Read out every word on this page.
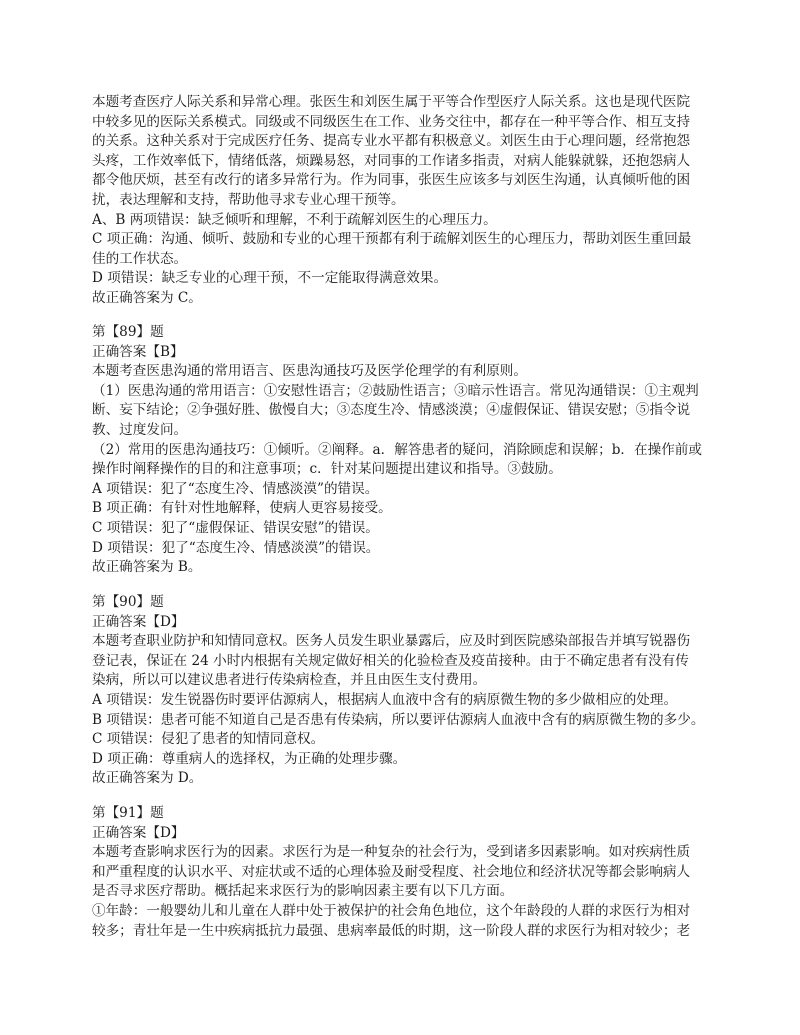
本题考查医疗人际关系和异常心理。张医生和刘医生属于平等合作型医疗人际关系。这也是现代医院
中较多见的医际关系模式。同级或不同级医生在工作、业务交往中，都存在一种平等合作、相互支持
的关系。这种关系对于完成医疗任务、提高专业水平都有积极意义。刘医生由于心理问题，经常抱怨
头疼，工作效率低下，情绪低落，烦躁易怒，对同事的工作诸多指责，对病人能躲就躲，还抱怨病人
都令他厌烦，甚至有改行的诸多异常行为。作为同事，张医生应该多与刘医生沟通，认真倾听他的困
扰，表达理解和支持，帮助他寻求专业心理干预等。
A、B 两项错误：缺乏倾听和理解，不利于疏解刘医生的心理压力。
C 项正确：沟通、倾听、鼓励和专业的心理干预都有利于疏解刘医生的心理压力，帮助刘医生重回最
佳的工作状态。
D 项错误：缺乏专业的心理干预，不一定能取得满意效果。
故正确答案为 C。
第【89】题
正确答案【B】
本题考查医患沟通的常用语言、医患沟通技巧及医学伦理学的有利原则。
（1）医患沟通的常用语言：①安慰性语言；②鼓励性语言；③暗示性语言。常见沟通错误：①主观判
断、妄下结论；②争强好胜、傲慢自大；③态度生冷、情感淡漠；④虚假保证、错误安慰；⑤指令说
教、过度发问。
（2）常用的医患沟通技巧：①倾听。②阐释。a．解答患者的疑问，消除顾虑和误解；b．在操作前或
操作时阐释操作的目的和注意事项；c．针对某问题提出建议和指导。③鼓励。
A 项错误：犯了“态度生冷、情感淡漠”的错误。
B 项正确：有针对性地解释，使病人更容易接受。
C 项错误：犯了“虚假保证、错误安慰”的错误。
D 项错误：犯了“态度生冷、情感淡漠”的错误。
故正确答案为 B。
第【90】题
正确答案【D】
本题考查职业防护和知情同意权。医务人员发生职业暴露后，应及时到医院感染部报告并填写锐器伤
登记表，保证在 24 小时内根据有关规定做好相关的化验检查及疫苗接种。由于不确定患者有没有传
染病，所以可以建议患者进行传染病检查，并且由医生支付费用。
A 项错误：发生锐器伤时要评估源病人，根据病人血液中含有的病原微生物的多少做相应的处理。
B 项错误：患者可能不知道自己是否患有传染病，所以要评估源病人血液中含有的病原微生物的多少。
C 项错误：侵犯了患者的知情同意权。
D 项正确：尊重病人的选择权，为正确的处理步骤。
故正确答案为 D。
第【91】题
正确答案【D】
本题考查影响求医行为的因素。求医行为是一种复杂的社会行为，受到诸多因素影响。如对疾病性质
和严重程度的认识水平、对症状或不适的心理体验及耐受程度、社会地位和经济状况等都会影响病人
是否寻求医疗帮助。概括起来求医行为的影响因素主要有以下几方面。
①年龄：一般婴幼儿和儿童在人群中处于被保护的社会角色地位，这个年龄段的人群的求医行为相对
较多；青壮年是一生中疾病抵抗力最强、患病率最低的时期，这一阶段人群的求医行为相对较少；老
